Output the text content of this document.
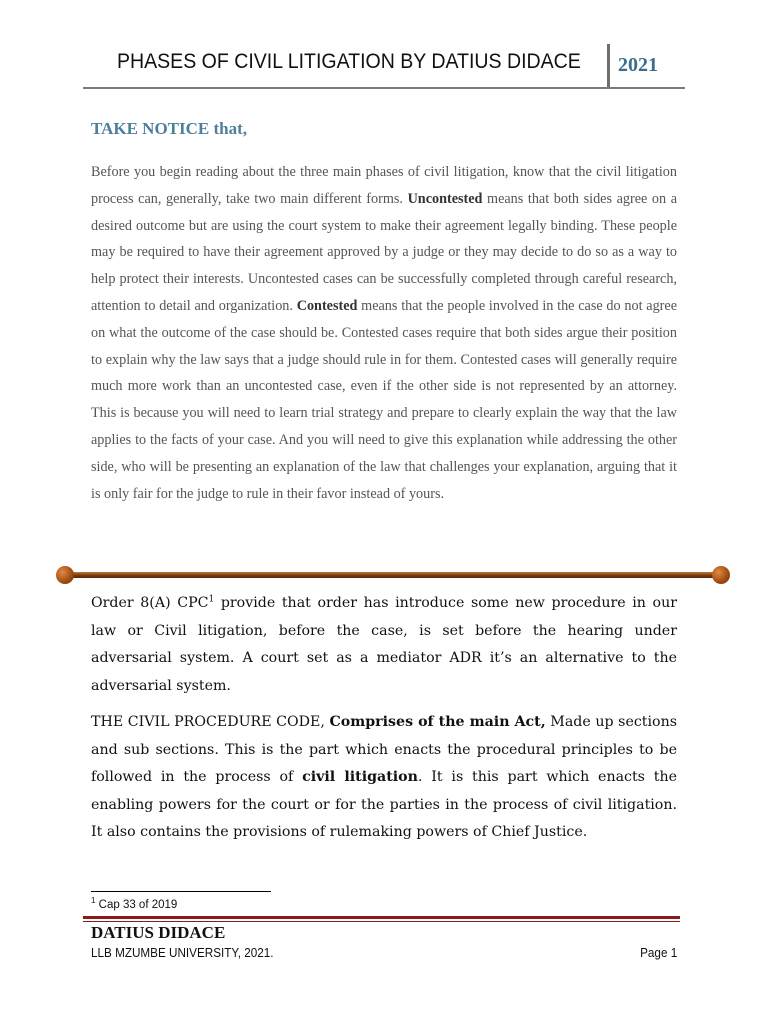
PHASES OF CIVIL LITIGATION BY DATIUS DIDACE 2021
TAKE NOTICE that,
Before you begin reading about the three main phases of civil litigation, know that the civil litigation process can, generally, take two main different forms. Uncontested means that both sides agree on a desired outcome but are using the court system to make their agreement legally binding. These people may be required to have their agreement approved by a judge or they may decide to do so as a way to help protect their interests. Uncontested cases can be successfully completed through careful research, attention to detail and organization. Contested means that the people involved in the case do not agree on what the outcome of the case should be. Contested cases require that both sides argue their position to explain why the law says that a judge should rule in for them. Contested cases will generally require much more work than an uncontested case, even if the other side is not represented by an attorney. This is because you will need to learn trial strategy and prepare to clearly explain the way that the law applies to the facts of your case. And you will need to give this explanation while addressing the other side, who will be presenting an explanation of the law that challenges your explanation, arguing that it is only fair for the judge to rule in their favor instead of yours.
Order 8(A) CPC$^1$ provide that order has introduce some new procedure in our law or Civil litigation, before the case, is set before the hearing under adversarial system. A court set as a mediator ADR it’s an alternative to the adversarial system.
THE CIVIL PROCEDURE CODE, Comprises of the main Act, Made up sections and sub sections. This is the part which enacts the procedural principles to be followed in the process of civil litigation. It is this part which enacts the enabling powers for the court or for the parties in the process of civil litigation. It also contains the provisions of rulemaking powers of Chief Justice.
$^1$ Cap 33 of 2019
DATIUS DIDACE
LLB MZUMBE UNIVERSITY, 2021.	Page 1
